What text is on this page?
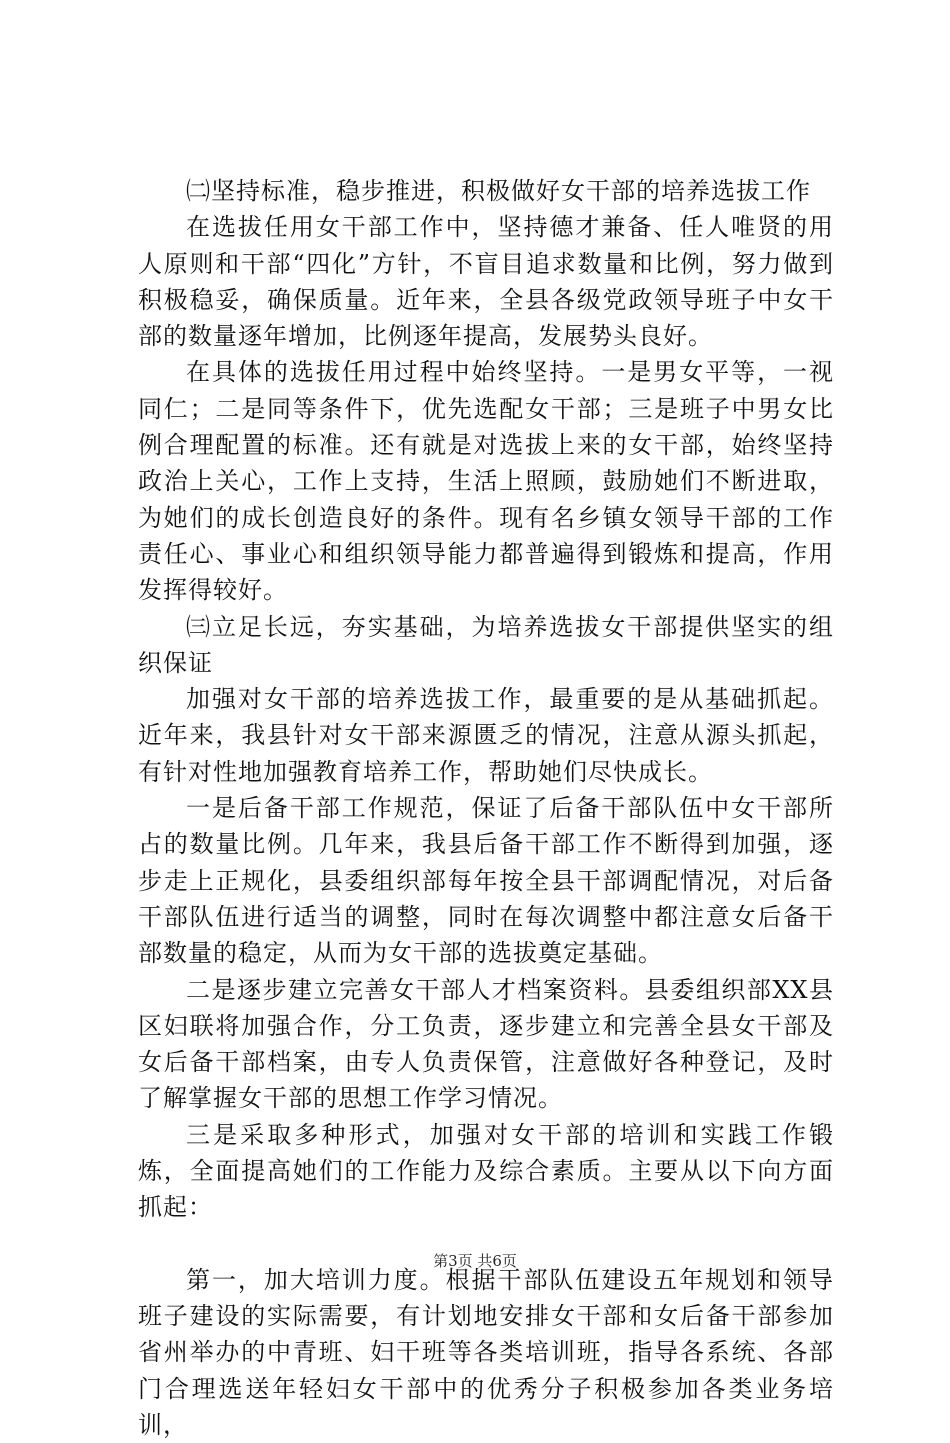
㈡坚持标准，稳步推进，积极做好女干部的培养选拔工作

在选拔任用女干部工作中，坚持德才兼备、任人唯贤的用人原则和干部“四化”方针，不盲目追求数量和比例，努力做到积极稳妥，确保质量。近年来，全县各级党政领导班子中女干部的数量逐年增加，比例逐年提高，发展势头良好。

在具体的选拔任用过程中始终坚持。一是男女平等，一视同仁；二是同等条件下，优先选配女干部；三是班子中男女比例合理配置的标准。还有就是对选拔上来的女干部，始终坚持政治上关心，工作上支持，生活上照顾，鼓励她们不断进取，为她们的成长创造良好的条件。现有名乡镇女领导干部的工作责任心、事业心和组织领导能力都普遍得到锻炼和提高，作用发挥得较好。

㈢立足长远，夯实基础，为培养选拔女干部提供坚实的组织保证

加强对女干部的培养选拔工作，最重要的是从基础抓起。近年来，我县针对女干部来源匮乏的情况，注意从源头抓起，有针对性地加强教育培养工作，帮助她们尽快成长。

一是后备干部工作规范，保证了后备干部队伍中女干部所占的数量比例。几年来，我县后备干部工作不断得到加强，逐步走上正规化，县委组织部每年按全县干部调配情况，对后备干部队伍进行适当的调整，同时在每次调整中都注意女后备干部数量的稳定，从而为女干部的选拔奠定基础。

二是逐步建立完善女干部人才档案资料。县委组织部XX县区妇联将加强合作，分工负责，逐步建立和完善全县女干部及女后备干部档案，由专人负责保管，注意做好各种登记，及时了解掌握女干部的思想工作学习情况。

三是采取多种形式，加强对女干部的培训和实践工作锻炼，全面提高她们的工作能力及综合素质。主要从以下向方面抓起：

第一，加大培训力度。根据干部队伍建设五年规划和领导班子建设的实际需要，有计划地安排女干部和女后备干部参加省州举办的中青班、妇干班等各类培训班，指导各系统、各部门合理选送年轻妇女干部中的优秀分子积极参加各类业务培训，

第3页 共6页
